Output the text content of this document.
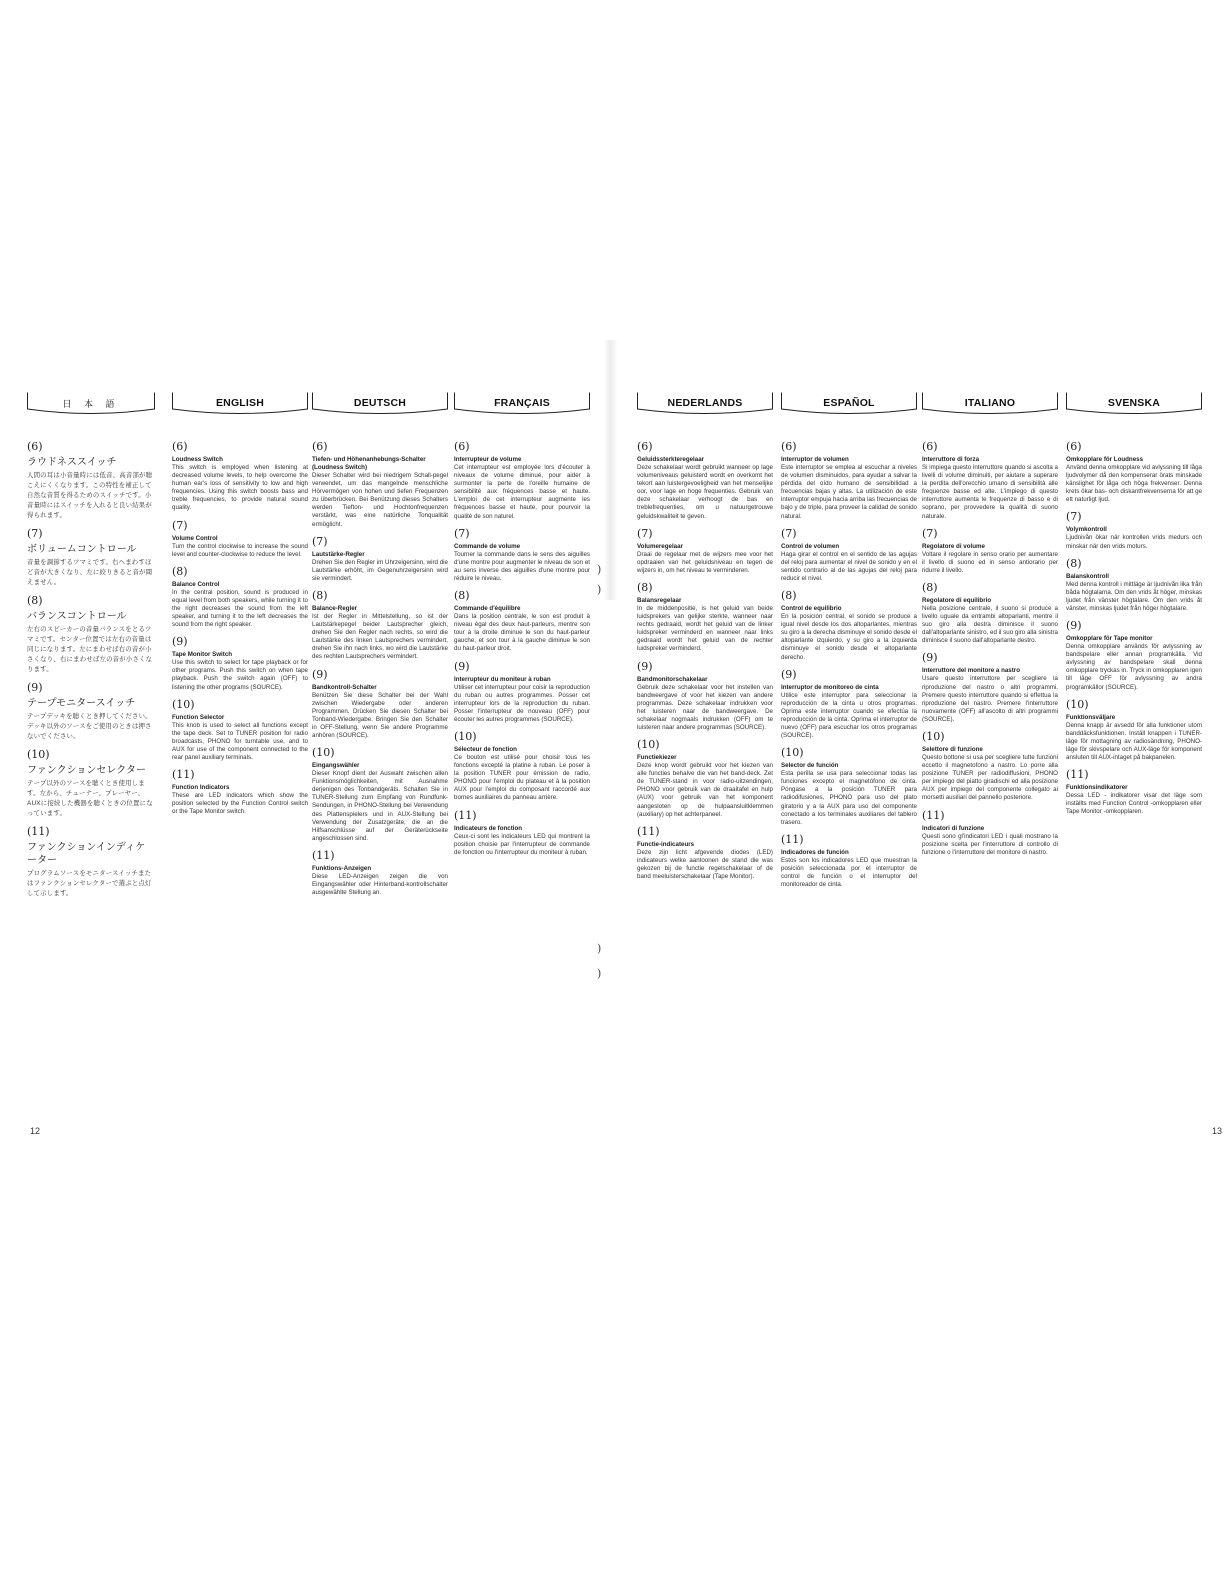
日 本 語
(6)
ラウドネススイッチ
人間の耳は小音量時には低音、高音部が聴こえにくくなります。この特性を補正して自然な音質を得るためのスイッチです。小音量時にはスイッチを入れると良い結果が得られます。
(7)
ボリュームコントロール
音量を調節するツマミです。右へまわすほど音が大きくなり、左に絞りきると音が聞えません。
(8)
バランスコントロール
左右のスピーカーの音量バランスをとるツマミです。センター位置では左右の音量は同じになります。左にまわせば右の音が小さくなり、右にまわせば左の音が小さくなります。
(9)
テープモニタースイッチ
テープデッキを聴くとき押してください。デッキ以外のソースをご使用のときは押さないでください。
(10)
ファンクションセレクター
テープ以外のソースを聴くとき使用します。左から、チューナー、プレーヤー、AUXに接続した機器を聴くときの位置になっています。
(11)
ファンクションインディケーター
プログラムソースをモニタースイッチまたはファンクションセレクターで選ぶと点灯して示します。
ENGLISH
(6)
Loudness Switch
This switch is employed when listening at decreased volume levels, to help overcome the human ear's loss of sensitivity to low and high frequencies. Using this switch boosts bass and treble frequencies, to provide natural sound quality.
(7)
Volume Control
Turn the control clockwise to increase the sound level and counter-clockwise to reduce the level.
(8)
Balance Control
In the central position, sound is produced in equal level from both speakers, while turning it to the right decreases the sound from the left speaker, and turning it to the left decreases the sound from the right speaker.
(9)
Tape Monitor Switch
Use this switch to select for tape playback or for other programs. Push this switch on when tape playback. Push the switch again (OFF) to listening the other programs (SOURCE).
(10)
Function Selector
This knob is used to select all functions except the tape deck. Set to TUNER position for radio broadcasts, PHONO for turntable use, and to AUX for use of the component connected to the rear panel auxiliary terminals.
(11)
Function Indicators
These are LED indicators which show the position selected by the Function Control switch or the Tape Monitor switch.
DEUTSCH
(6)
Tiefen- und Höhenanhebungs-Schalter (Loudness Switch)
Dieser Schalter wird bei niedrigem Schall-pegel verwendet, um das mangelnde menschliche Hörvermögen von hohen und tiefen Frequenzen zu überbrücken. Bei Benützung dieses Schalters werden Tiefton- und Hochtonfrequenzen verstärkt, was eine natürliche Tonqualität ermöglicht.
(7)
Lautstärke-Regler
Drehen Sie den Regler im Uhrzeigersinn, wird die Lautstärke erhöht, im Gegenuhrzeigersinn wird sie vermindert.
(8)
Balance-Regler
Ist der Regler in Mittelstellung, so ist der Lautstärkepegel beider Lautsprecher gleich, drehen Sie den Regler nach rechts, so wird die Lautstärke des linken Lautsprechers vermindert, drehen Sie ihn nach links, wo wird die Lautstärke des rechten Lautsprechers vermindert.
(9)
Bandkontroll-Schalter
Benützen Sie diese Schalter bei der Wahl zwischen Wiedergabe oder anderen Programmen. Drücken Sie diesen Schalter bei Tonband-Wiedergabe. Bringen Sie den Schalter in OFF-Stellung, wenn Sie andere Programme anhören (SOURCE).
(10)
Eingangswähler
Dieser Knopf dient der Auswahl zwischen allen Funktionsmöglichkeiten, mit Ausnahme derjenigen des Tonbandgeräts. Schalten Sie in TUNER-Stellung zum Empfang von Rundfunk-Sendungen, in PHONO-Stellung bei Verwendung des Plattenspielers und in AUX-Stellung bei Verwendung der Zusatzgeräte, die an die Hilfsanschlüsse auf der Geräterückseite angeschlossen sind.
(11)
Funktions-Anzeigen
Diese LED-Anzeigen zeigen die von Eingangswähler oder Hinterband-kontrollschalter ausgewählte Stellung an.
FRANÇAIS
(6)
Interrupteur de volume
Cet interrupteur est employée lors d'écouter à niveaux de volume diminué, pour aider à surmonter la perte de l'oreille humaine de sensibilité aux fréquences basse et haute. L'emploi de cet interrupteur augmente les fréquences basse et haute, pour pourvoir la qualité de son naturel.
(7)
Commande de volume
Tourner la commande dans le sens des aiguilles d'une montre pour augmenter le niveau de son et au sens inverse des aiguilles d'une montre pour réduire le niveau.
(8)
Commande d'équilibre
Dans la position centrale, le son est produit à niveau égal des deux haut-parleurs, mentre son tour à la droite diminue le son du haut-parleur gauche, et son tour à la gauche diminue le son du haut-parleur droit.
(9)
Interrupteur du moniteur à ruban
Utiliser cet interrupteur pour coisir la reproduction du ruban ou autres programmes. Posser cet interrupteur lors de la reproduction du ruban. Posser l'interrupteur de nouveau (OFF) pour écouter les autres programmes (SOURCE).
(10)
Sélecteur de fonction
Ce bouton est utilisé pour choisir tous les fonctions excepté la platine à ruban. Le poser à la position TUNER pour émission de radio, PHONO pour l'emploi du plateau et à la position AUX pour l'emploi du composant raccordé aux bornes auxiliaires du panneau arrière.
(11)
Indicateurs de fonction
Ceux-ci sont les indicateurs LED qui montrent la position choisie par l'interrupteur de commande de fonction ou l'interrupteur du moniteur à ruban.
NEDERLANDS
(6)
Geluidssterkteregelaar
Deze schakelaar wordt gebruikt wanneer op lage volumeniveaus geluisterd wordt en overkomt het tekort aan luistergevoeligheid van het menselijke oor, voor lage en hoge frequenties. Gebruik van deze schakelaar verhoogt de bas en treblefrequenties, om u natuurgetrouwe geluidskwaliteit te geven.
(7)
Volumeregelaar
Draai de regelaar met de wijzers mee voor het opdraaien van het geluidsniveau en tegen de wijzers in, om het niveau te verminderen.
(8)
Balansregelaar
In de middenpositie, is het geluid van beide luidsprekers van gelijke sterkte, wanneer naar rechts gedraaid, wordt het geluid van de linker luidspreker verminderd en wanneer naar links gedraaid wordt het geluid van de rechter luidspreker verminderd.
(9)
Bandmonitorschakelaar
Gebruik deze schakelaar voor het instellen van bandweergave of voor het kiezen van andere programmas. Deze schakelaar indrukken voor het luisteren naar de bandweergave. De schakelaar nogmaals indrukken (OFF) om te luisteren naar andere programmas (SOURCE).
(10)
Functiekiezer
Deze knop wordt gebruikt voor het kiezen van alle functies behalve die van het band-deck. Zet de TUNER-stand in voor radio-uitzendingen, PHONO voor gebruik van de draaitafel en hulp (AUX) voor gebruik van het komponent aangesloten op de hulpaansluitklemmen (auxiliary) op het achterpaneel.
(11)
Functie-indicateurs
Deze zijn licht afgevende diodes (LED) indicateurs welke aantoonen de stand die was gekozen bij de functie regelschakelaar of de band meeluisterschakelaar (Tape Monitor).
ESPAÑOL
(6)
Interruptor de volumen
Este interruptor se emplea al escuchar a niveles de volumen disminuidos, para ayudar a salvar la pérdida del oído humano de sensibilidad a frecuencias bajas y altas. La utilización de este interruptor empuja hacia arriba las frecuencias de bajo y de triple, para proveer la calidad de sonido natural.
(7)
Control de volumen
Haga girar el control en el sentido de las agujas del reloj para aumentar el nivel de sonido y en el sentido contrario al de las agujas del reloj para reducir el nivel.
(8)
Control de equilibrio
En la posición central, el sonido se produce a igual nivel desde los dos altoparlantes, mientras su giro a la derecha disminuye el sonido desde el altoparlante izquierdo, y su giro a la izquierda disminuye el sonido desde el altoparlante derecho.
(9)
Interruptor de monitoreo de cinta
Utilice este interruptor para seleccionar la reproducción de la cinta u otros programas. Oprima este interruptor cuando se efectúa la reproducción de la cinta. Oprima el interruptor de nuevo (OFF) para escuchar los otros programas (SOURCE).
(10)
Selector de función
Esta perilla se usa para seleccionar todas las funciones excepto el magnetófono de cinta. Póngase a la posición TUNER para radiodifusiones, PHONO para uso del plato giratorio y a la AUX para uso del componente conectado a los terminales auxiliares del tablero trasero.
(11)
Indicadores de función
Estos son los indicadores LED que muestran la posición seleccionada por el interruptor de control de función o el interruptor del monitoreador de cinta.
ITALIANO
(6)
Interruttore di forza
Si impiega questo interruttore quando si ascolta a livelli di volume diminuiti, per aiutare a superare la perdita dell'orecchio umano di sensibilità alle frequenze basse ed alte. L'impiego di questo interruttore aumenta le frequenze di basso e di soprano, per provvedere la qualità di suono naturale.
(7)
Regolatore di volume
Voltare il regolare in senso orario per aumentare il livello di suono ed in senso antiorario per ridurre il livello.
(8)
Regolatore di equilibrio
Nella posizione centrale, il suono si produce a livello uguale da entrambi altoparlanti, mentre il suo giro alla destra diminisce il suono dall'altoparlante sinistro, ed il suo giro alla sinistra diminisce il suono dall'altoparlante destro.
(9)
Interruttore del monitore a nastro
Usare questo interruttore per scegliere la riproduzione del nastro o altri programmi. Premere questo interruttore quando si effettua la riproduzione del nastro. Premere l'interruttore nuovamente (OFF) all'ascolto di altri programmi (SOURCE).
(10)
Selettore di funzione
Questo bottone si usa per scegliere tutte funzioni eccetto il magnetofono a nastro. Lo porre alla posizione TUNER per radiodiffusioni, PHONO per impiego del piatto giradischi ed alla posizione AUX per impiego del componente collegato ai morsetti ausiliari del pannello posteriore.
(11)
Indicatori di funzione
Questi sono gl'indicatori LED i quali mostrano la posizione scelta per l'interruttore di controllo di funzione o l'interruttore del monitore di nastro.
SVENSKA
(6)
Omkopplare för Loudness
Använd denna omkopplare vid avlyssning till låga ljudvolymer då den kompenserar örats minskade känslighet för låga och höga frekvenser. Denna krets ökar bas- och diskantfrekvenserna för att ge ett naturligt ljud.
(7)
Volymkontroll
Ljudnivån ökar när kontrollen vrids medurs och minskar när den vrids moturs.
(8)
Balanskontroll
Med denna kontroll i mittläge är ljudnivån lika från båda högtalarna. Om den vrids åt höger, minskas ljudet från vänster högtalare. Om den vrids åt vänster, minskas ljudet från höger högtalare.
(9)
Omkopplare för Tape monitor
Denna omkopplare används för avlyssning av bandspelare eller annan programkälla. Vid avlyssning av bandspelare skall denna omkopplare tryckas in. Tryck in omkopplaren igen till läge OFF för avlyssning av andra programkällor (SOURCE).
(10)
Funktionsväljare
Denna knapp är avsedd för alla funktioner utom banddäcksfunktionen. Inställ knappen i TUNER-läge för mottagning av radiosändning, PHONO-läge för skivspelare och AUX-läge för komponent ansluten till AUX-intaget på bakpanelen.
(11)
Funktionsindikatorer
Dessa LED - indikatorer visar det läge som inställts med Function Control -omkopplaren eller Tape Monitor -omkopplaren.
12	13
)
)
)
)
